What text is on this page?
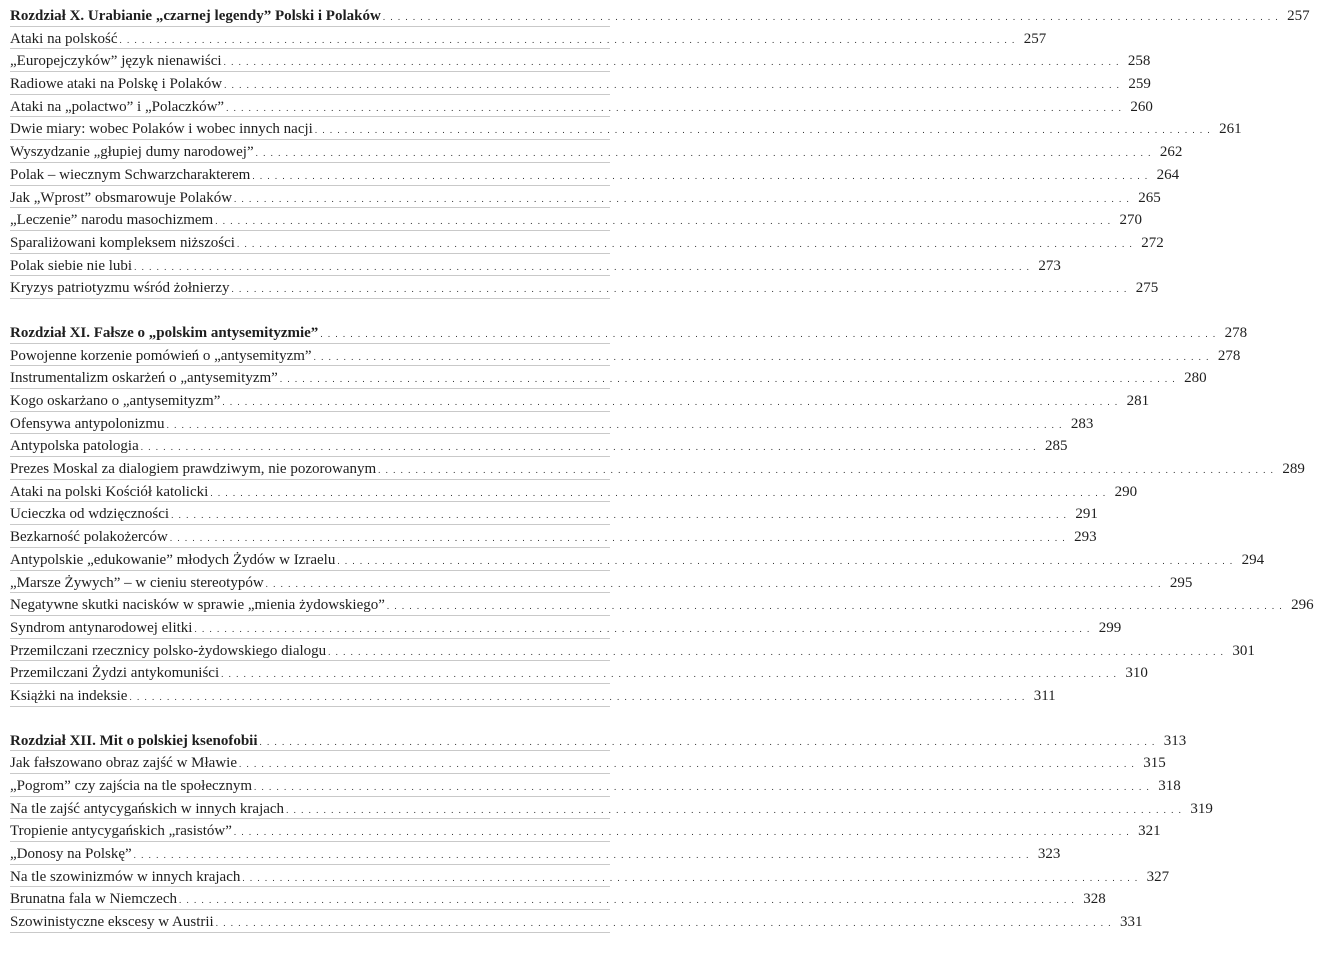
Rozdział X. Urabianie „czarnej legendy” Polski i Polaków . . . . . . . . . . . . . . . . . . . . . . . . . . . . . . . . . . . . . . . . . . . . . . . . . . . . . . . . . . . . . . . . . . . . . . . . . . . . . . . . . . . . . . . . . . . . . . . . . . . . . . . . . . . . . . . . . . . . . . . . 257
Ataki na polskość . . . . . . . . . . . . . . . . . . . . . . . . . . . . . . . . . . . . . . . . . . . . . . . . . . . . . . . . . . . . . . . . . . . . . . . . . . . . . . . . . . . . . . . . . . . . . . . . . . . . . . . . . . . . . . . . . . . . . . . . 257
„Europejczyków” język nienawiści . . . . . . . . . . . . . . . . . . . . . . . . . . . . . . . . . . . . . . . . . . . . . . . . . . . . . . . . . . . . . . . . . . . . . . . . . . . . . . . . . . . . . . . . . . . . . . . . . . . . . . . . . . . . . . . . . . . . . . . . 258
Radiowe ataki na Polskę i Polaków . . . . . . . . . . . . . . . . . . . . . . . . . . . . . . . . . . . . . . . . . . . . . . . . . . . . . . . . . . . . . . . . . . . . . . . . . . . . . . . . . . . . . . . . . . . . . . . . . . . . . . . . . . . . . . . . . . . . . . . . 259
Ataki na „polactwo” i „Polaczków” . . . . . . . . . . . . . . . . . . . . . . . . . . . . . . . . . . . . . . . . . . . . . . . . . . . . . . . . . . . . . . . . . . . . . . . . . . . . . . . . . . . . . . . . . . . . . . . . . . . . . . . . . . . . . . . . . . . . . . . . 260
Dwie miary: wobec Polaków i wobec innych nacji . . . . . . . . . . . . . . . . . . . . . . . . . . . . . . . . . . . . . . . . . . . . . . . . . . . . . . . . . . . . . . . . . . . . . . . . . . . . . . . . . . . . . . . . . . . . . . . . . . . . . . . . . . . . . . . . . . . . . . . . 261
Wyszydzanie „głupiej dumy narodowej” . . . . . . . . . . . . . . . . . . . . . . . . . . . . . . . . . . . . . . . . . . . . . . . . . . . . . . . . . . . . . . . . . . . . . . . . . . . . . . . . . . . . . . . . . . . . . . . . . . . . . . . . . . . . . . . . . . . . . . . . 262
Polak – wiecznym Schwarzcharakterem . . . . . . . . . . . . . . . . . . . . . . . . . . . . . . . . . . . . . . . . . . . . . . . . . . . . . . . . . . . . . . . . . . . . . . . . . . . . . . . . . . . . . . . . . . . . . . . . . . . . . . . . . . . . . . . . . . . . . . . . 264
Jak „Wprost” obsmarowuje Polaków . . . . . . . . . . . . . . . . . . . . . . . . . . . . . . . . . . . . . . . . . . . . . . . . . . . . . . . . . . . . . . . . . . . . . . . . . . . . . . . . . . . . . . . . . . . . . . . . . . . . . . . . . . . . . . . . . . . . . . . . 265
„Leczenie” narodu masochizmem . . . . . . . . . . . . . . . . . . . . . . . . . . . . . . . . . . . . . . . . . . . . . . . . . . . . . . . . . . . . . . . . . . . . . . . . . . . . . . . . . . . . . . . . . . . . . . . . . . . . . . . . . . . . . . . . . . . . . . . . 270
Sparaliżowani kompleksem niższości . . . . . . . . . . . . . . . . . . . . . . . . . . . . . . . . . . . . . . . . . . . . . . . . . . . . . . . . . . . . . . . . . . . . . . . . . . . . . . . . . . . . . . . . . . . . . . . . . . . . . . . . . . . . . . . . . . . . . . . . 272
Polak siebie nie lubi . . . . . . . . . . . . . . . . . . . . . . . . . . . . . . . . . . . . . . . . . . . . . . . . . . . . . . . . . . . . . . . . . . . . . . . . . . . . . . . . . . . . . . . . . . . . . . . . . . . . . . . . . . . . . . . . . . . . . . . . 273
Kryzys patriotyzmu wśród żołnierzy . . . . . . . . . . . . . . . . . . . . . . . . . . . . . . . . . . . . . . . . . . . . . . . . . . . . . . . . . . . . . . . . . . . . . . . . . . . . . . . . . . . . . . . . . . . . . . . . . . . . . . . . . . . . . . . . . . . . . . . . 275
Rozdział XI. Fałsze o „polskim antysemityzmie” . . . . . . . . . . . . . . . . . . . . . . . . . . . . . . . . . . . . . . . . . . . . . . . . . . . . . . . . . . . . . . . . . . . . . . . . . . . . . . . . . . . . . . . . . . . . . . . . . . . . . . . . . . . . . . . . . . . . . . . . 278
Powojenne korzenie pomówień o „antysemityzm” . . . . . . . . . . . . . . . . . . . . . . . . . . . . . . . . . . . . . . . . . . . . . . . . . . . . . . . . . . . . . . . . . . . . . . . . . . . . . . . . . . . . . . . . . . . . . . . . . . . . . . . . . . . . . . . . . . . . . . . . 278
Instrumentalizm oskarżeń o „antysemityzm” . . . . . . . . . . . . . . . . . . . . . . . . . . . . . . . . . . . . . . . . . . . . . . . . . . . . . . . . . . . . . . . . . . . . . . . . . . . . . . . . . . . . . . . . . . . . . . . . . . . . . . . . . . . . . . . . . . . . . . . . 280
Kogo oskarżano o „antysemityzm” . . . . . . . . . . . . . . . . . . . . . . . . . . . . . . . . . . . . . . . . . . . . . . . . . . . . . . . . . . . . . . . . . . . . . . . . . . . . . . . . . . . . . . . . . . . . . . . . . . . . . . . . . . . . . . . . . . . . . . . . 281
Ofensywa antypolonizmu . . . . . . . . . . . . . . . . . . . . . . . . . . . . . . . . . . . . . . . . . . . . . . . . . . . . . . . . . . . . . . . . . . . . . . . . . . . . . . . . . . . . . . . . . . . . . . . . . . . . . . . . . . . . . . . . . . . . . . . . 283
Antypolska patologia . . . . . . . . . . . . . . . . . . . . . . . . . . . . . . . . . . . . . . . . . . . . . . . . . . . . . . . . . . . . . . . . . . . . . . . . . . . . . . . . . . . . . . . . . . . . . . . . . . . . . . . . . . . . . . . . . . . . . . . . 285
Prezes Moskal za dialogiem prawdziwym, nie pozorowanym . . . . . . . . . . . . . . . . . . . . . . . . . . . . . . . . . . . . . . . . . . . . . . . . . . . . . . . . . . . . . . . . . . . . . . . . . . . . . . . . . . . . . . . . . . . . . . . . . . . . . . . . . . . . . . . . . . . . . . . . 289
Ataki na polski Kościół katolicki . . . . . . . . . . . . . . . . . . . . . . . . . . . . . . . . . . . . . . . . . . . . . . . . . . . . . . . . . . . . . . . . . . . . . . . . . . . . . . . . . . . . . . . . . . . . . . . . . . . . . . . . . . . . . . . . . . . . . . . . 290
Ucieczka od wdzięczności . . . . . . . . . . . . . . . . . . . . . . . . . . . . . . . . . . . . . . . . . . . . . . . . . . . . . . . . . . . . . . . . . . . . . . . . . . . . . . . . . . . . . . . . . . . . . . . . . . . . . . . . . . . . . . . . . . . . . . . . 291
Bezkarność polakożerców . . . . . . . . . . . . . . . . . . . . . . . . . . . . . . . . . . . . . . . . . . . . . . . . . . . . . . . . . . . . . . . . . . . . . . . . . . . . . . . . . . . . . . . . . . . . . . . . . . . . . . . . . . . . . . . . . . . . . . . . 293
Antypolskie „edukowanie” młodych Żydów w Izraelu . . . . . . . . . . . . . . . . . . . . . . . . . . . . . . . . . . . . . . . . . . . . . . . . . . . . . . . . . . . . . . . . . . . . . . . . . . . . . . . . . . . . . . . . . . . . . . . . . . . . . . . . . . . . . . . . . . . . . . . . 294
„Marsze Żywych” – w cieniu stereotypów . . . . . . . . . . . . . . . . . . . . . . . . . . . . . . . . . . . . . . . . . . . . . . . . . . . . . . . . . . . . . . . . . . . . . . . . . . . . . . . . . . . . . . . . . . . . . . . . . . . . . . . . . . . . . . . . . . . . . . . . 295
Negatywne skutki nacisków w sprawie „mienia żydowskiego” . . . . . . . . . . . . . . . . . . . . . . . . . . . . . . . . . . . . . . . . . . . . . . . . . . . . . . . . . . . . . . . . . . . . . . . . . . . . . . . . . . . . . . . . . . . . . . . . . . . . . . . . . . . . . . . . . . . . . . . . 296
Syndrom antynarodowej elitki . . . . . . . . . . . . . . . . . . . . . . . . . . . . . . . . . . . . . . . . . . . . . . . . . . . . . . . . . . . . . . . . . . . . . . . . . . . . . . . . . . . . . . . . . . . . . . . . . . . . . . . . . . . . . . . . . . . . . . . . 299
Przemilczani rzecznicy polsko-żydowskiego dialogu . . . . . . . . . . . . . . . . . . . . . . . . . . . . . . . . . . . . . . . . . . . . . . . . . . . . . . . . . . . . . . . . . . . . . . . . . . . . . . . . . . . . . . . . . . . . . . . . . . . . . . . . . . . . . . . . . . . . . . . . 301
Przemilczani Żydzi antykomuniści . . . . . . . . . . . . . . . . . . . . . . . . . . . . . . . . . . . . . . . . . . . . . . . . . . . . . . . . . . . . . . . . . . . . . . . . . . . . . . . . . . . . . . . . . . . . . . . . . . . . . . . . . . . . . . . . . . . . . . . . 310
Książki na indeksie . . . . . . . . . . . . . . . . . . . . . . . . . . . . . . . . . . . . . . . . . . . . . . . . . . . . . . . . . . . . . . . . . . . . . . . . . . . . . . . . . . . . . . . . . . . . . . . . . . . . . . . . . . . . . . . . . . . . . . . . 311
Rozdział XII. Mit o polskiej ksenofobii . . . . . . . . . . . . . . . . . . . . . . . . . . . . . . . . . . . . . . . . . . . . . . . . . . . . . . . . . . . . . . . . . . . . . . . . . . . . . . . . . . . . . . . . . . . . . . . . . . . . . . . . . . . . . . . . . . . . . . . . 313
Jak fałszowano obraz zajść w Mławie . . . . . . . . . . . . . . . . . . . . . . . . . . . . . . . . . . . . . . . . . . . . . . . . . . . . . . . . . . . . . . . . . . . . . . . . . . . . . . . . . . . . . . . . . . . . . . . . . . . . . . . . . . . . . . . . . . . . . . . . 315
„Pogrom” czy zajścia na tle społecznym . . . . . . . . . . . . . . . . . . . . . . . . . . . . . . . . . . . . . . . . . . . . . . . . . . . . . . . . . . . . . . . . . . . . . . . . . . . . . . . . . . . . . . . . . . . . . . . . . . . . . . . . . . . . . . . . . . . . . . . . 318
Na tle zajść antycygańskich w innych krajach . . . . . . . . . . . . . . . . . . . . . . . . . . . . . . . . . . . . . . . . . . . . . . . . . . . . . . . . . . . . . . . . . . . . . . . . . . . . . . . . . . . . . . . . . . . . . . . . . . . . . . . . . . . . . . . . . . . . . . . . 319
Tropienie antycygańskich „rasistów” . . . . . . . . . . . . . . . . . . . . . . . . . . . . . . . . . . . . . . . . . . . . . . . . . . . . . . . . . . . . . . . . . . . . . . . . . . . . . . . . . . . . . . . . . . . . . . . . . . . . . . . . . . . . . . . . . . . . . . . . 321
„Donosy na Polskę” . . . . . . . . . . . . . . . . . . . . . . . . . . . . . . . . . . . . . . . . . . . . . . . . . . . . . . . . . . . . . . . . . . . . . . . . . . . . . . . . . . . . . . . . . . . . . . . . . . . . . . . . . . . . . . . . . . . . . . . . 323
Na tle szowinizmów w innych krajach . . . . . . . . . . . . . . . . . . . . . . . . . . . . . . . . . . . . . . . . . . . . . . . . . . . . . . . . . . . . . . . . . . . . . . . . . . . . . . . . . . . . . . . . . . . . . . . . . . . . . . . . . . . . . . . . . . . . . . . . 327
Brunatna fala w Niemczech . . . . . . . . . . . . . . . . . . . . . . . . . . . . . . . . . . . . . . . . . . . . . . . . . . . . . . . . . . . . . . . . . . . . . . . . . . . . . . . . . . . . . . . . . . . . . . . . . . . . . . . . . . . . . . . . . . . . . . . . 328
Szowinistyczne ekscesy w Austrii . . . . . . . . . . . . . . . . . . . . . . . . . . . . . . . . . . . . . . . . . . . . . . . . . . . . . . . . . . . . . . . . . . . . . . . . . . . . . . . . . . . . . . . . . . . . . . . . . . . . . . . . . . . . . . . . . . . . . . . . 331
